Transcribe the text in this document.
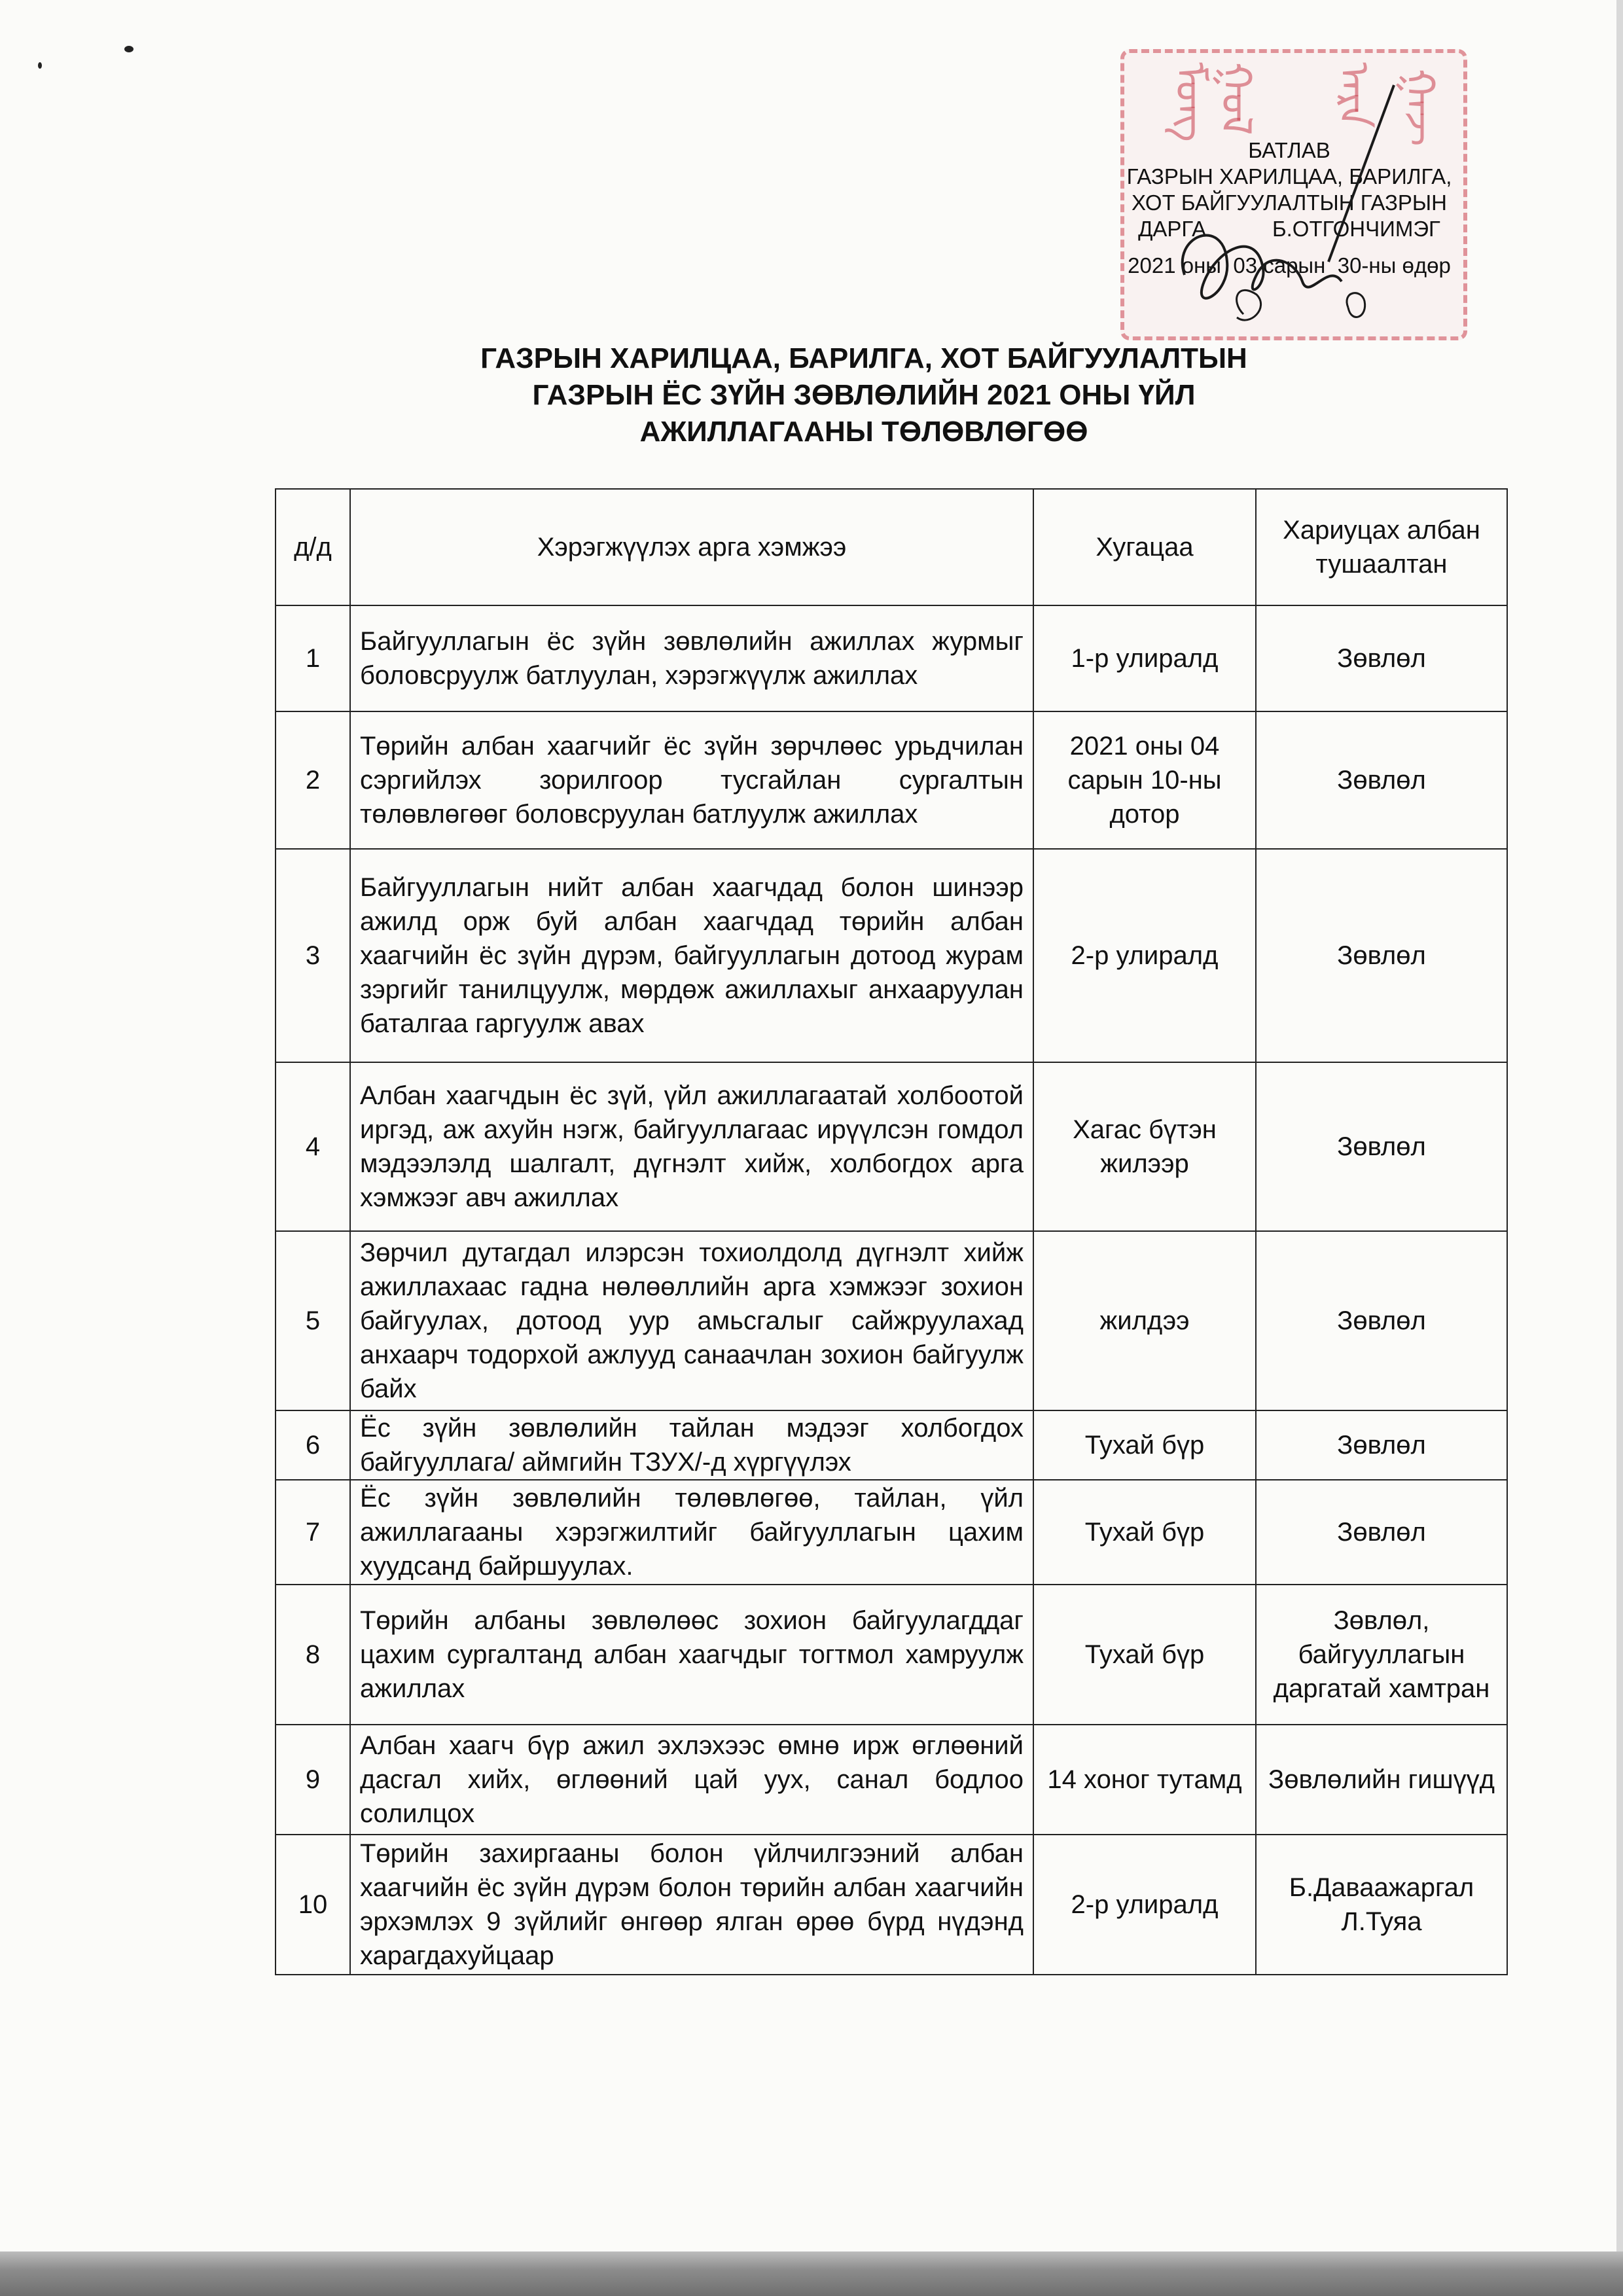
ᠮᠣᠩ
ᠭᠣᠯ ᠠᠷᠠ ᠭᠠᠵ
БАТЛАВ
ГАЗРЫН ХАРИЛЦАА, БАРИЛГА,
ХОТ БАЙГУУЛАЛТЫН ГАЗРЫН
ДАРГА           Б.ОТГОНЧИМЭГ
2021 оны  03 сарын  30-ны өдөр
ГАЗРЫН ХАРИЛЦАА, БАРИЛГА, ХОТ БАЙГУУЛАЛТЫН
ГАЗРЫН ЁС ЗҮЙН ЗӨВЛӨЛИЙН 2021 ОНЫ ҮЙЛ
АЖИЛЛАГААНЫ ТӨЛӨВЛӨГӨӨ
д/д	Хэрэгжүүлэх арга хэмжээ	Хугацаа	Хариуцах албан тушаалтан
1	Байгууллагын ёс зүйн зөвлөлийн ажиллах журмыг боловсруулж батлуулан, хэрэгжүүлж ажиллах	1-р улиралд	Зөвлөл
2	Төрийн албан хаагчийг ёс зүйн зөрчлөөс урьдчилан сэргийлэх зорилгоор тусгайлан сургалтын төлөвлөгөөг боловсруулан батлуулж ажиллах	2021 оны 04 сарын 10-ны дотор	Зөвлөл
3	Байгууллагын нийт албан хаагчдад болон шинээр ажилд орж буй албан хаагчдад төрийн албан хаагчийн ёс зүйн дүрэм, байгууллагын дотоод журам зэргийг танилцуулж, мөрдөж ажиллахыг анхааруулан баталгаа гаргуулж авах	2-р улиралд	Зөвлөл
4	Албан хаагчдын ёс зүй, үйл ажиллагаатай холбоотой иргэд, аж ахуйн нэгж, байгууллагаас ирүүлсэн гомдол мэдээлэлд шалгалт, дүгнэлт хийж, холбогдох арга хэмжээг авч ажиллах	Хагас бүтэн жилээр	Зөвлөл
5	Зөрчил дутагдал илэрсэн тохиолдолд дүгнэлт хийж ажиллахаас гадна нөлөөллийн арга хэмжээг зохион байгуулах, дотоод уур амьсгалыг сайжруулахад анхаарч тодорхой ажлууд санаачлан зохион байгуулж байх	жилдээ	Зөвлөл
6	Ёс зүйн зөвлөлийн тайлан мэдээг холбогдох байгууллага/ аймгийн ТЗУХ/-д хүргүүлэх	Тухай бүр	Зөвлөл
7	Ёс зүйн зөвлөлийн төлөвлөгөө, тайлан, үйл ажиллагааны хэрэгжилтийг байгууллагын цахим хуудсанд байршуулах.	Тухай бүр	Зөвлөл
8	Төрийн албаны зөвлөлөөс зохион байгуулагддаг цахим сургалтанд албан хаагчдыг тогтмол хамруулж ажиллах	Тухай бүр	Зөвлөл, байгууллагын даргатай хамтран
9	Албан хаагч бүр ажил эхлэхээс өмнө ирж өглөөний дасгал хийх, өглөөний цай уух, санал бодлоо солилцох	14 хоног тутамд	Зөвлөлийн гишүүд
10	Төрийн захиргааны болон үйлчилгээний албан хаагчийн ёс зүйн дүрэм болон төрийн албан хаагчийн эрхэмлэх 9 зүйлийг өнгөөр ялган өрөө бүрд нүдэнд харагдахуйцаар	2-р улиралд	Б.Даваажаргал Л.Туяа
